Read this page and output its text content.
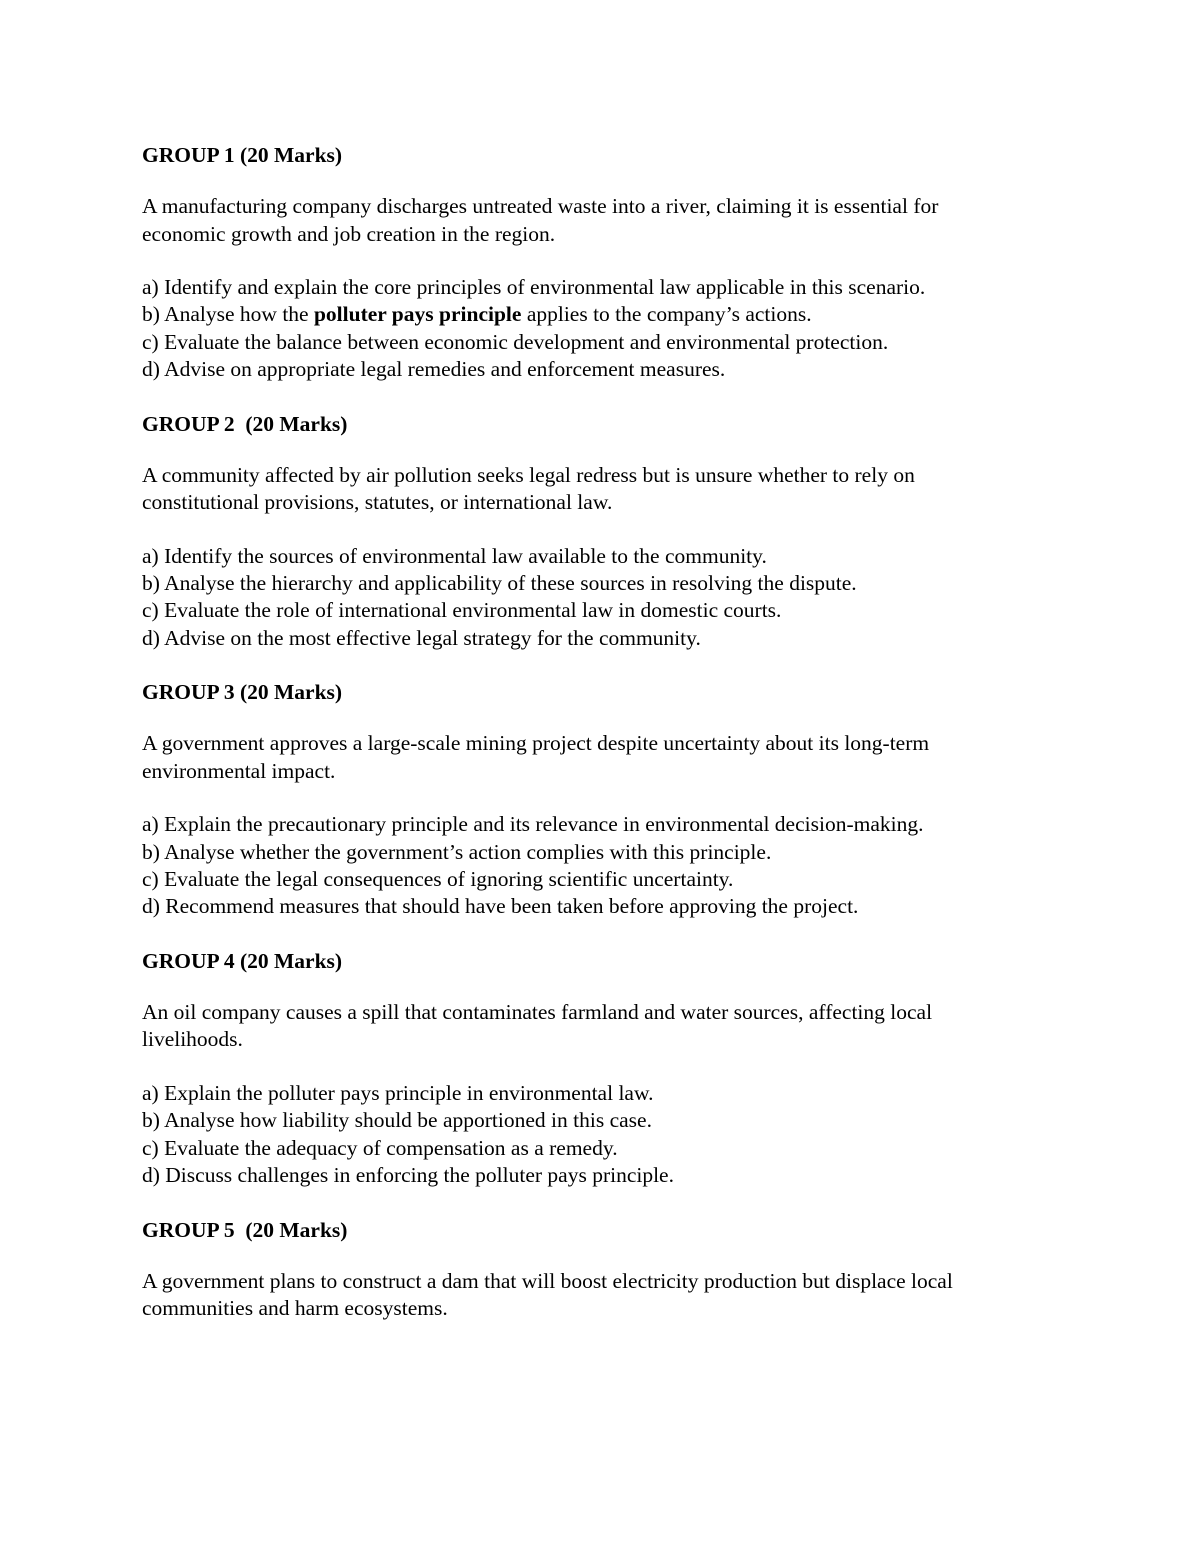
GROUP 1 (20 Marks)
A manufacturing company discharges untreated waste into a river, claiming it is essential for
economic growth and job creation in the region.
a) Identify and explain the core principles of environmental law applicable in this scenario.
b) Analyse how the polluter pays principle applies to the company’s actions.
c) Evaluate the balance between economic development and environmental protection.
d) Advise on appropriate legal remedies and enforcement measures.
GROUP 2  (20 Marks)
A community affected by air pollution seeks legal redress but is unsure whether to rely on
constitutional provisions, statutes, or international law.
a) Identify the sources of environmental law available to the community.
b) Analyse the hierarchy and applicability of these sources in resolving the dispute.
c) Evaluate the role of international environmental law in domestic courts.
d) Advise on the most effective legal strategy for the community.
GROUP 3 (20 Marks)
A government approves a large-scale mining project despite uncertainty about its long-term
environmental impact.
a) Explain the precautionary principle and its relevance in environmental decision-making.
b) Analyse whether the government’s action complies with this principle.
c) Evaluate the legal consequences of ignoring scientific uncertainty.
d) Recommend measures that should have been taken before approving the project.
GROUP 4 (20 Marks)
An oil company causes a spill that contaminates farmland and water sources, affecting local
livelihoods.
a) Explain the polluter pays principle in environmental law.
b) Analyse how liability should be apportioned in this case.
c) Evaluate the adequacy of compensation as a remedy.
d) Discuss challenges in enforcing the polluter pays principle.
GROUP 5  (20 Marks)
A government plans to construct a dam that will boost electricity production but displace local
communities and harm ecosystems.
